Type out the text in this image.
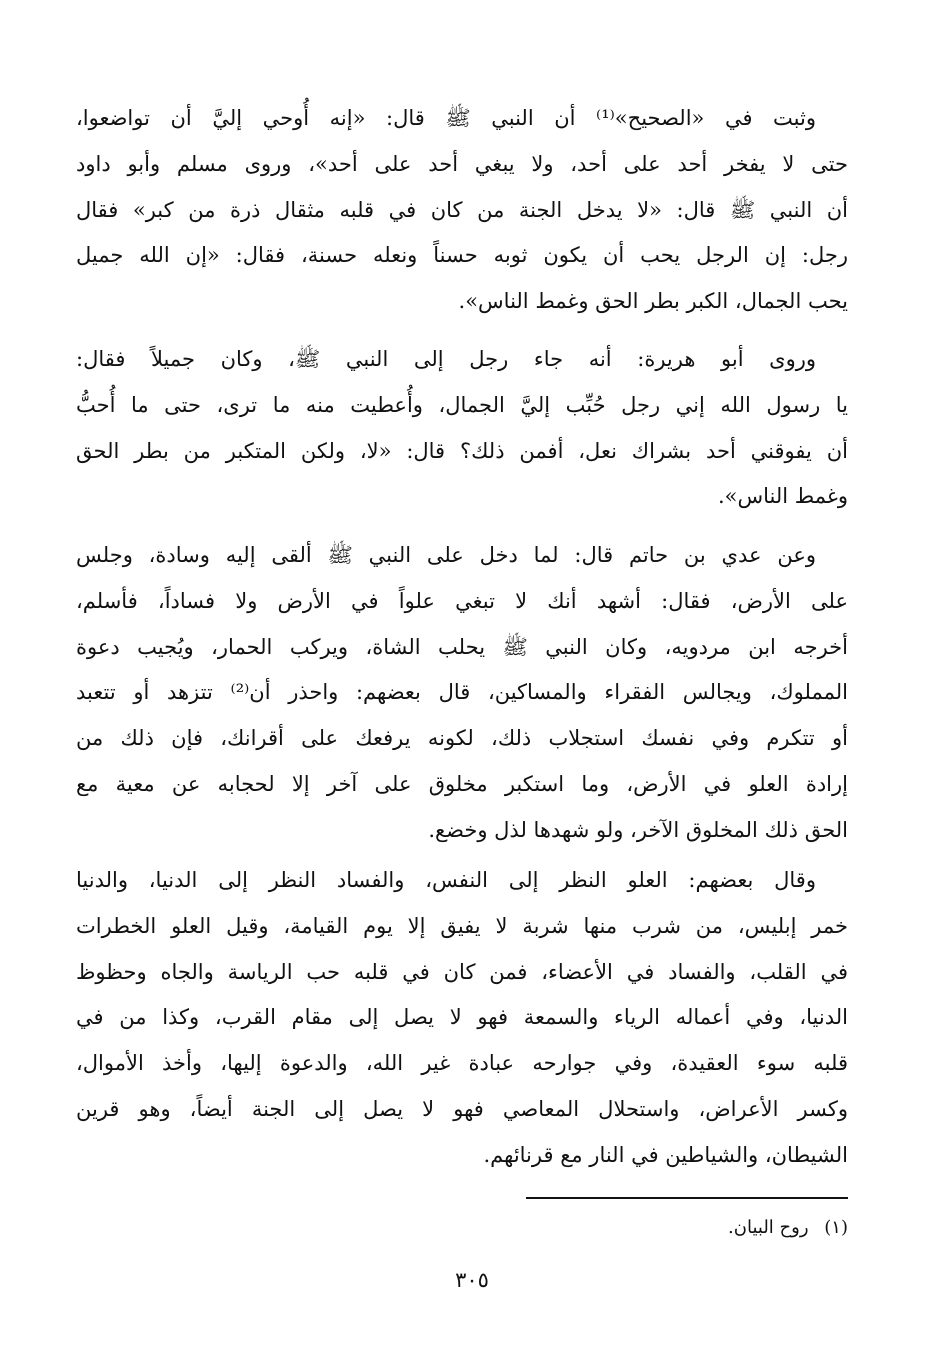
وثبت في «الصحيح»⁽¹⁾ أن النبي ﷺ قال: «إنه أُوحي إليَّ أن تواضعوا،
حتى لا يفخر أحد على أحد، ولا يبغي أحد على أحد»، وروى مسلم وأبو داود
أن النبي ﷺ قال: «لا يدخل الجنة من كان في قلبه مثقال ذرة من كبر» فقال
رجل: إن الرجل يحب أن يكون ثوبه حسناً ونعله حسنة، فقال: «إن الله جميل
يحب الجمال، الكبر بطر الحق وغمط الناس».
وروى أبو هريرة: أنه جاء رجل إلى النبي ﷺ، وكان جميلاً فقال:
يا رسول الله إني رجل حُبِّب إليَّ الجمال، وأُعطيت منه ما ترى، حتى ما أُحبُّ
أن يفوقني أحد بشراك نعل، أفمن ذلك؟ قال: «لا، ولكن المتكبر من بطر الحق
وغمط الناس».
وعن عدي بن حاتم قال: لما دخل على النبي ﷺ ألقى إليه وسادة، وجلس
على الأرض، فقال: أشهد أنك لا تبغي علواً في الأرض ولا فساداً، فأسلم،
أخرجه ابن مردويه، وكان النبي ﷺ يحلب الشاة، ويركب الحمار، ويُجيب دعوة
المملوك، ويجالس الفقراء والمساكين، قال بعضهم: واحذر أن⁽²⁾ تتزهد أو تتعبد
أو تتكرم وفي نفسك استجلاب ذلك، لكونه يرفعك على أقرانك، فإن ذلك من
إرادة العلو في الأرض، وما استكبر مخلوق على آخر إلا لحجابه عن معية مع
الحق ذلك المخلوق الآخر، ولو شهدها لذل وخضع.
وقال بعضهم: العلو النظر إلى النفس، والفساد النظر إلى الدنيا، والدنيا
خمر إبليس، من شرب منها شربة لا يفيق إلا يوم القيامة، وقيل العلو الخطرات
في القلب، والفساد في الأعضاء، فمن كان في قلبه حب الرياسة والجاه وحظوظ
الدنيا، وفي أعماله الرياء والسمعة فهو لا يصل إلى مقام القرب، وكذا من في
قلبه سوء العقيدة، وفي جوارحه عبادة غير الله، والدعوة إليها، وأخذ الأموال،
وكسر الأعراض، واستحلال المعاصي فهو لا يصل إلى الجنة أيضاً، وهو قرين
الشيطان، والشياطين في النار مع قرنائهم.
(١) روح البيان.
٣٠٥
